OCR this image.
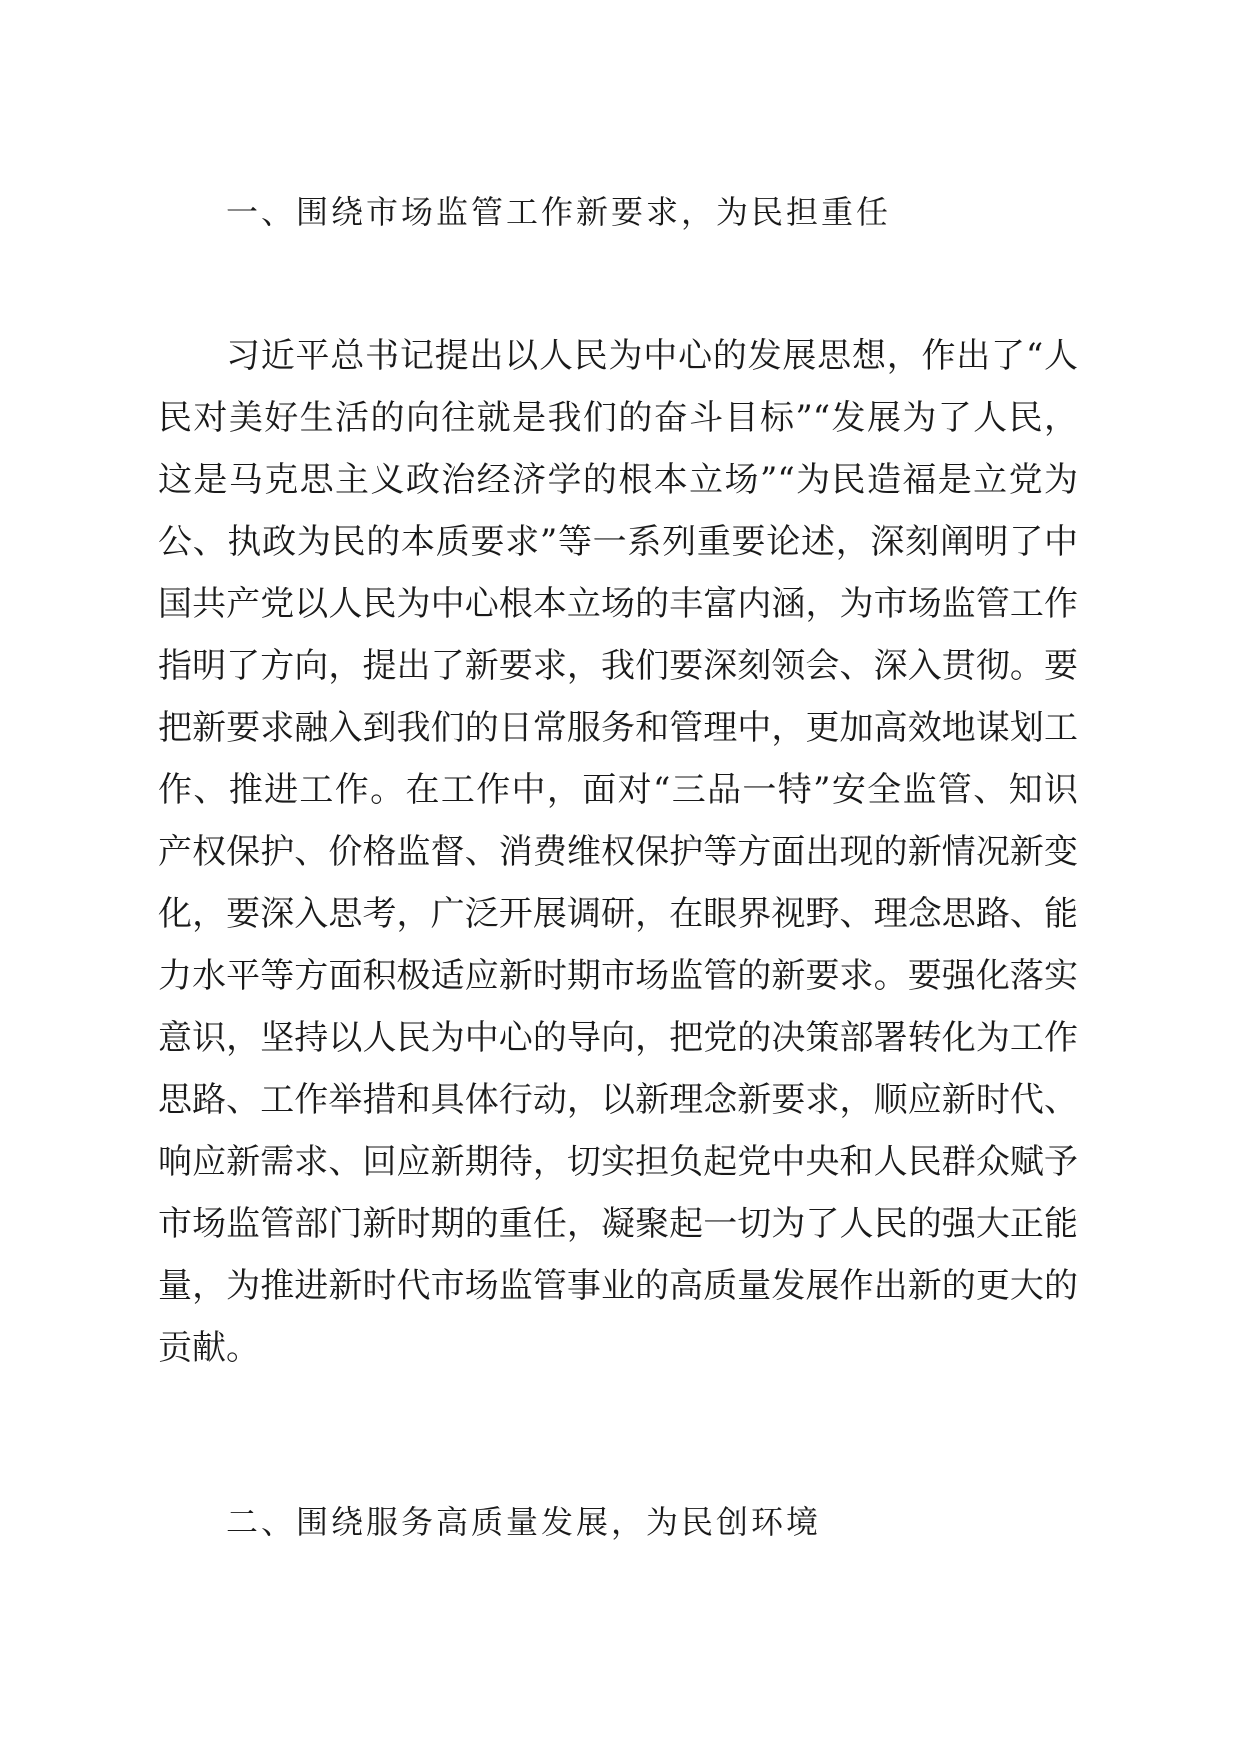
一、围绕市场监管工作新要求，为民担重任
习近平总书记提出以人民为中心的发展思想，作出了“人
民对美好生活的向往就是我们的奋斗目标”“发展为了人民，
这是马克思主义政治经济学的根本立场”“为民造福是立党为
公、执政为民的本质要求”等一系列重要论述，深刻阐明了中
国共产党以人民为中心根本立场的丰富内涵，为市场监管工作
指明了方向，提出了新要求，我们要深刻领会、深入贯彻。要
把新要求融入到我们的日常服务和管理中，更加高效地谋划工
作、推进工作。在工作中，面对“三品一特”安全监管、知识
产权保护、价格监督、消费维权保护等方面出现的新情况新变
化，要深入思考，广泛开展调研，在眼界视野、理念思路、能
力水平等方面积极适应新时期市场监管的新要求。要强化落实
意识，坚持以人民为中心的导向，把党的决策部署转化为工作
思路、工作举措和具体行动，以新理念新要求，顺应新时代、
响应新需求、回应新期待，切实担负起党中央和人民群众赋予
市场监管部门新时期的重任，凝聚起一切为了人民的强大正能
量，为推进新时代市场监管事业的高质量发展作出新的更大的
贡献。
二、围绕服务高质量发展，为民创环境
